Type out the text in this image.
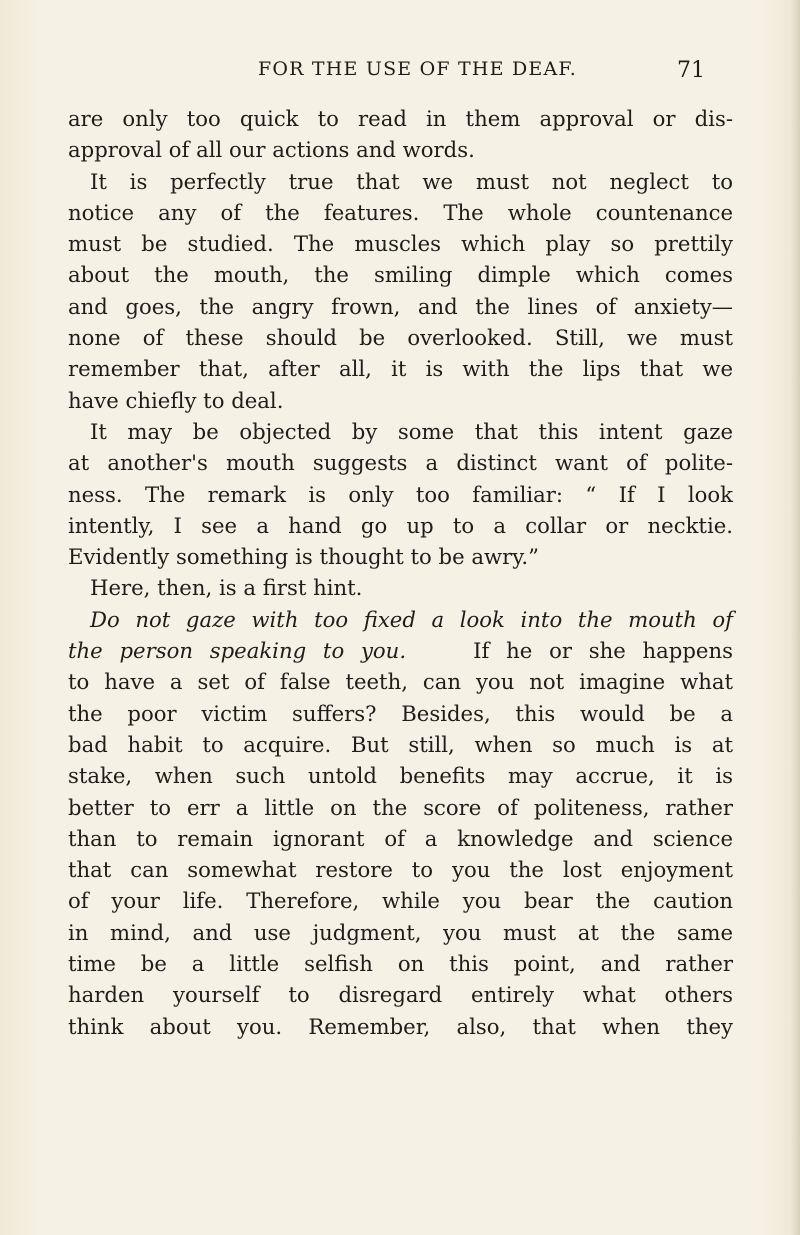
FOR THE USE OF THE DEAF.	71
are only too quick to read in them approval or dis-
approval of all our actions and words.
It is perfectly true that we must not neglect to
notice any of the features. The whole countenance
must be studied. The muscles which play so prettily
about the mouth, the smiling dimple which comes
and goes, the angry frown, and the lines of anxiety—
none of these should be overlooked. Still, we must
remember that, after all, it is with the lips that we
have chiefly to deal.
It may be objected by some that this intent gaze
at another's mouth suggests a distinct want of polite-
ness. The remark is only too familiar: “ If I look
intently, I see a hand go up to a collar or necktie.
Evidently something is thought to be awry.”
Here, then, is a first hint.
Do not gaze with too fixed a look into the mouth of
the person speaking to you.	If he or she happens
to have a set of false teeth, can you not imagine what
the poor victim suffers? Besides, this would be a
bad habit to acquire. But still, when so much is at
stake, when such untold benefits may accrue, it is
better to err a little on the score of politeness, rather
than to remain ignorant of a knowledge and science
that can somewhat restore to you the lost enjoyment
of your life. Therefore, while you bear the caution
in mind, and use judgment, you must at the same
time be a little selfish on this point, and rather
harden yourself to disregard entirely what others
think about you. Remember, also, that when they
